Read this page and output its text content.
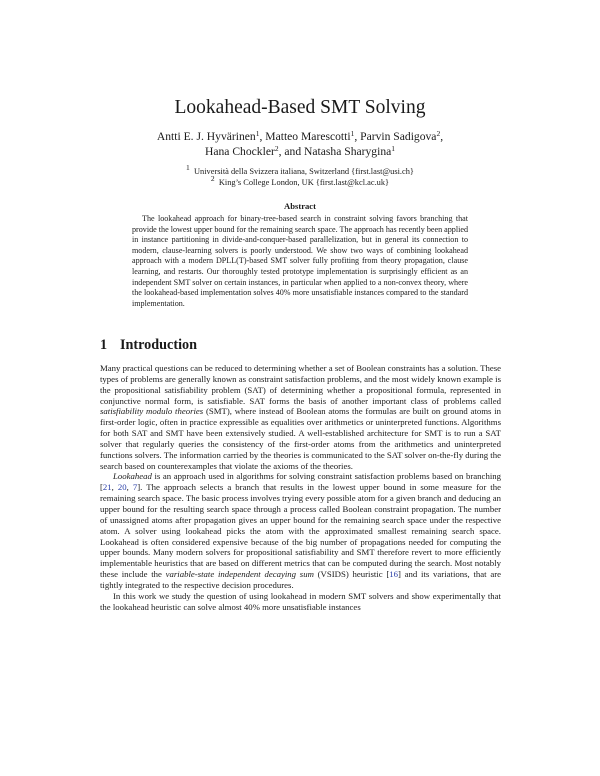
Lookahead-Based SMT Solving
Antti E. J. Hyvärinen$^1$, Matteo Marescotti$^1$, Parvin Sadigova$^2$,
Hana Chockler$^2$, and Natasha Sharygina$^1$
$^1$ Università della Svizzera italiana, Switzerland {first.last@usi.ch}
$^2$ King’s College London, UK {first.last@kcl.ac.uk}
Abstract
The lookahead approach for binary-tree-based search in constraint solving favors branching that provide the lowest upper bound for the remaining search space. The approach has recently been applied in instance partitioning in divide-and-conquer-based parallelization, but in general its connection to modern, clause-learning solvers is poorly understood. We show two ways of combining lookahead approach with a modern DPLL(T)-based SMT solver fully profiting from theory propagation, clause learning, and restarts. Our thoroughly tested prototype implementation is surprisingly efficient as an independent SMT solver on certain instances, in particular when applied to a non-convex theory, where the lookahead-based implementation solves 40% more unsatisfiable instances compared to the standard implementation.
1 Introduction

Many practical questions can be reduced to determining whether a set of Boolean constraints has a solution. These types of problems are generally known as constraint satisfaction problems, and the most widely known example is the propositional satisfiability problem (SAT) of determining whether a propositional formula, represented in conjunctive normal form, is satisfiable. SAT forms the basis of another important class of problems called satisfiability modulo theories (SMT), where instead of Boolean atoms the formulas are built on ground atoms in first-order logic, often in practice expressible as equalities over arithmetics or uninterpreted functions. Algorithms for both SAT and SMT have been extensively studied. A well-established architecture for SMT is to run a SAT solver that regularly queries the consistency of the first-order atoms from the arithmetics and uninterpreted functions solvers. The information carried by the theories is communicated to the SAT solver on-the-fly during the search based on counterexamples that violate the axioms of the theories.

Lookahead is an approach used in algorithms for solving constraint satisfaction problems based on branching [21, 20, 7]. The approach selects a branch that results in the lowest upper bound in some measure for the remaining search space. The basic process involves trying every possible atom for a given branch and deducing an upper bound for the resulting search space through a process called Boolean constraint propagation. The number of unassigned atoms after propagation gives an upper bound for the remaining search space under the respective atom. A solver using lookahead picks the atom with the approximated smallest remaining search space. Lookahead is often considered expensive because of the big number of propagations needed for computing the upper bounds. Many modern solvers for propositional satisfiability and SMT therefore revert to more efficiently implementable heuristics that are based on different metrics that can be computed during the search. Most notably these include the variable-state independent decaying sum (VSIDS) heuristic [16] and its variations, that are tightly integrated to the respective decision procedures.

In this work we study the question of using lookahead in modern SMT solvers and show experimentally that the lookahead heuristic can solve almost 40% more unsatisfiable instances
